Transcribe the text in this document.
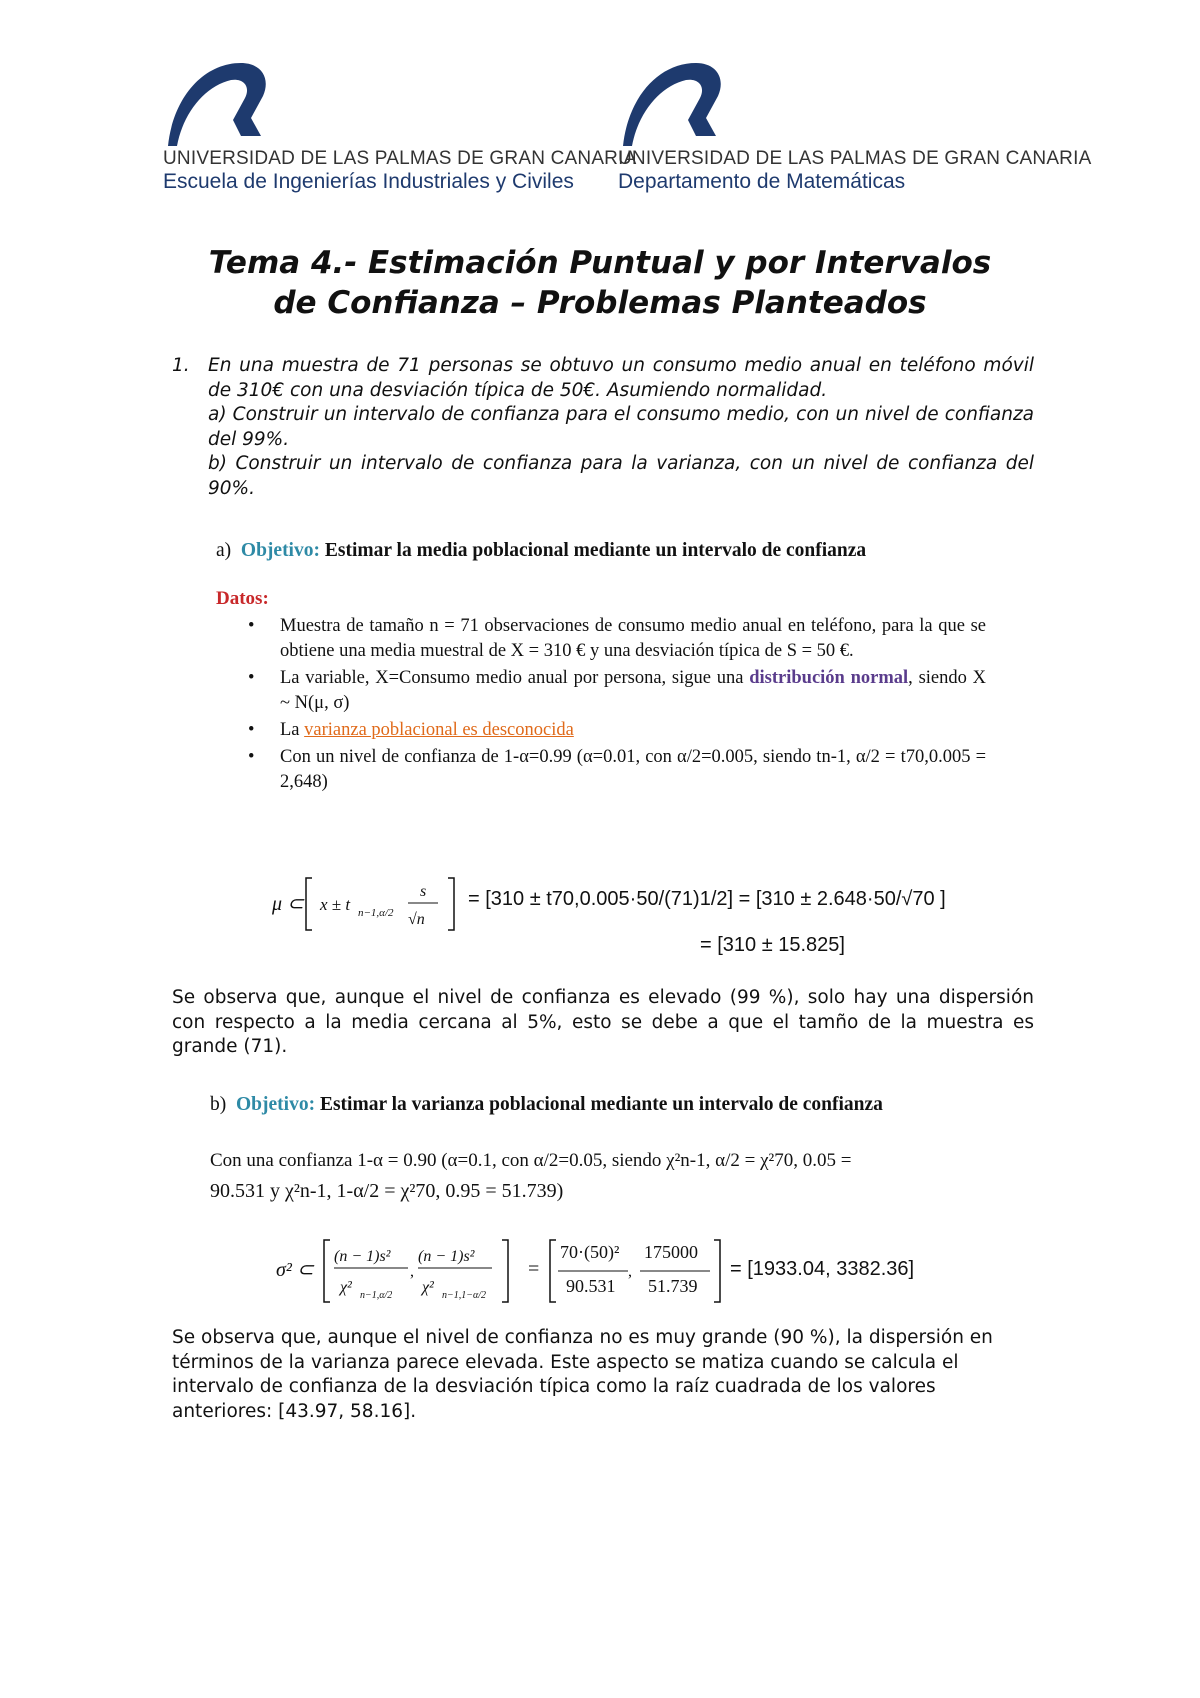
UNIVERSIDAD DE LAS PALMAS DE GRAN CANARIA
Escuela de Ingenierías Industriales y Civiles
UNIVERSIDAD DE LAS PALMAS DE GRAN CANARIA
Departamento de Matemáticas
Tema 4.- Estimación Puntual y por Intervalos
de Confianza – Problemas Planteados
1. En una muestra de 71 personas se obtuvo un consumo medio anual en teléfono móvil de 310€ con una desviación típica de 50€. Asumiendo normalidad.
a) Construir un intervalo de confianza para el consumo medio, con un nivel de confianza del 99%.
b) Construir un intervalo de confianza para la varianza, con un nivel de confianza del 90%.
a) Objetivo: Estimar la media poblacional mediante un intervalo de confianza
Datos:
• Muestra de tamaño n = 71 observaciones de consumo medio anual en teléfono, para la que se obtiene una media muestral de X = 310 € y una desviación típica de S = 50 €.
• La variable, X=Consumo medio anual por persona, sigue una distribución normal, siendo X ~ N(μ, σ)
• La varianza poblacional es desconocida
• Con un nivel de confianza de 1-α=0.99 (α=0.01, con α/2=0.005, siendo tn-1, α/2 = t70,0.005 = 2,648)
μ ⊂ x ± t n−1,α/2
s
√n
= [310 ± t70,0.005·50/(71)1/2] = [310 ± 2.648·50/√70 ]
= [310 ± 15.825]
Se observa que, aunque el nivel de confianza es elevado (99 %), solo hay una dispersión con respecto a la media cercana al 5%, esto se debe a que el tamño de la muestra es grande (71).
b) Objetivo: Estimar la varianza poblacional mediante un intervalo de confianza
Con una confianza 1-α = 0.90 (α=0.1, con α/2=0.05, siendo χ²n-1, α/2 = χ²70, 0.05 =
90.531 y χ²n-1, 1-α/2 = χ²70, 0.95 = 51.739)
σ² ⊂
(n − 1)s²
χ² n−1,α/2
,
(n − 1)s²
χ² n−1,1−α/2
=	,
70·(50)²
90.531
175000
51.739
= [1933.04, 3382.36]
Se observa que, aunque el nivel de confianza no es muy grande (90 %), la dispersión en términos de la varianza parece elevada. Este aspecto se matiza cuando se calcula el intervalo de confianza de la desviación típica como la raíz cuadrada de los valores anteriores: [43.97, 58.16].
